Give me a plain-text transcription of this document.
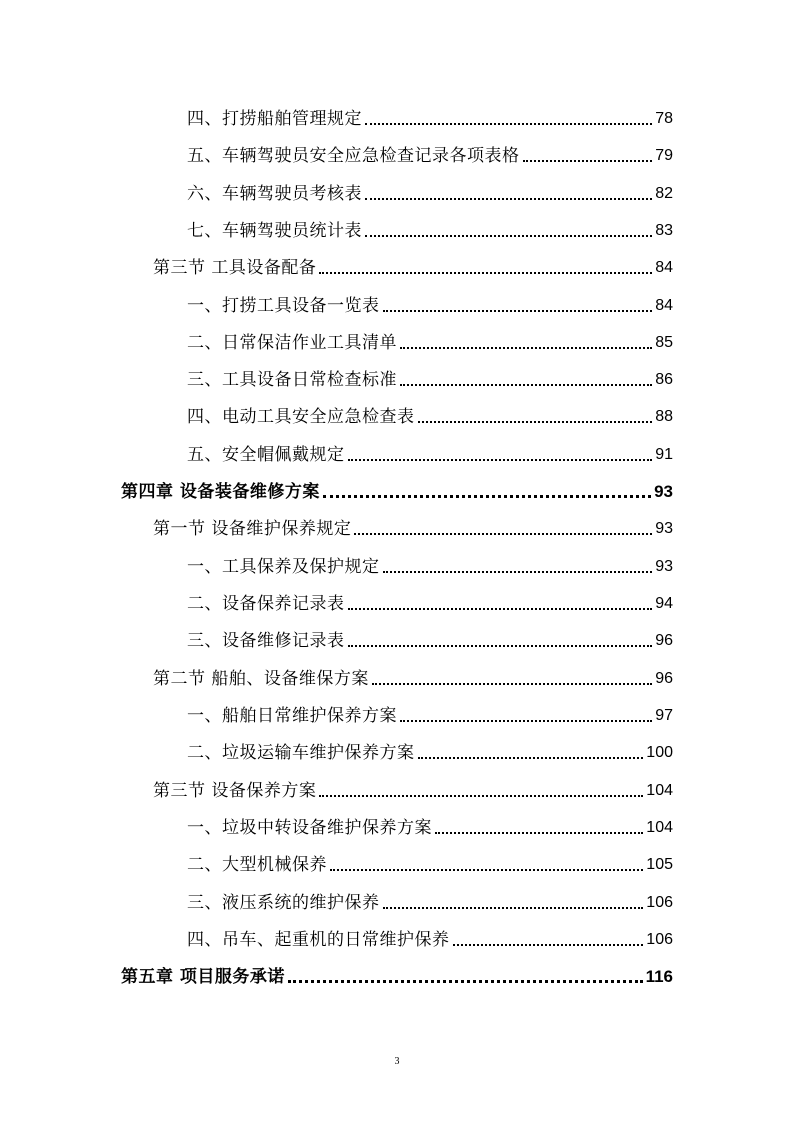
四、打捞船舶管理规定	78
五、车辆驾驶员安全应急检查记录各项表格	79
六、车辆驾驶员考核表	82
七、车辆驾驶员统计表	83
第三节 工具设备配备	84
一、打捞工具设备一览表	84
二、日常保洁作业工具清单	85
三、工具设备日常检查标准	86
四、电动工具安全应急检查表	88
五、安全帽佩戴规定	91
第四章 设备装备维修方案	93
第一节 设备维护保养规定	93
一、工具保养及保护规定	93
二、设备保养记录表	94
三、设备维修记录表	96
第二节 船舶、设备维保方案	96
一、船舶日常维护保养方案	97
二、垃圾运输车维护保养方案	100
第三节 设备保养方案	104
一、垃圾中转设备维护保养方案	104
二、大型机械保养	105
三、液压系统的维护保养	106
四、吊车、起重机的日常维护保养	106
第五章 项目服务承诺	116
3
